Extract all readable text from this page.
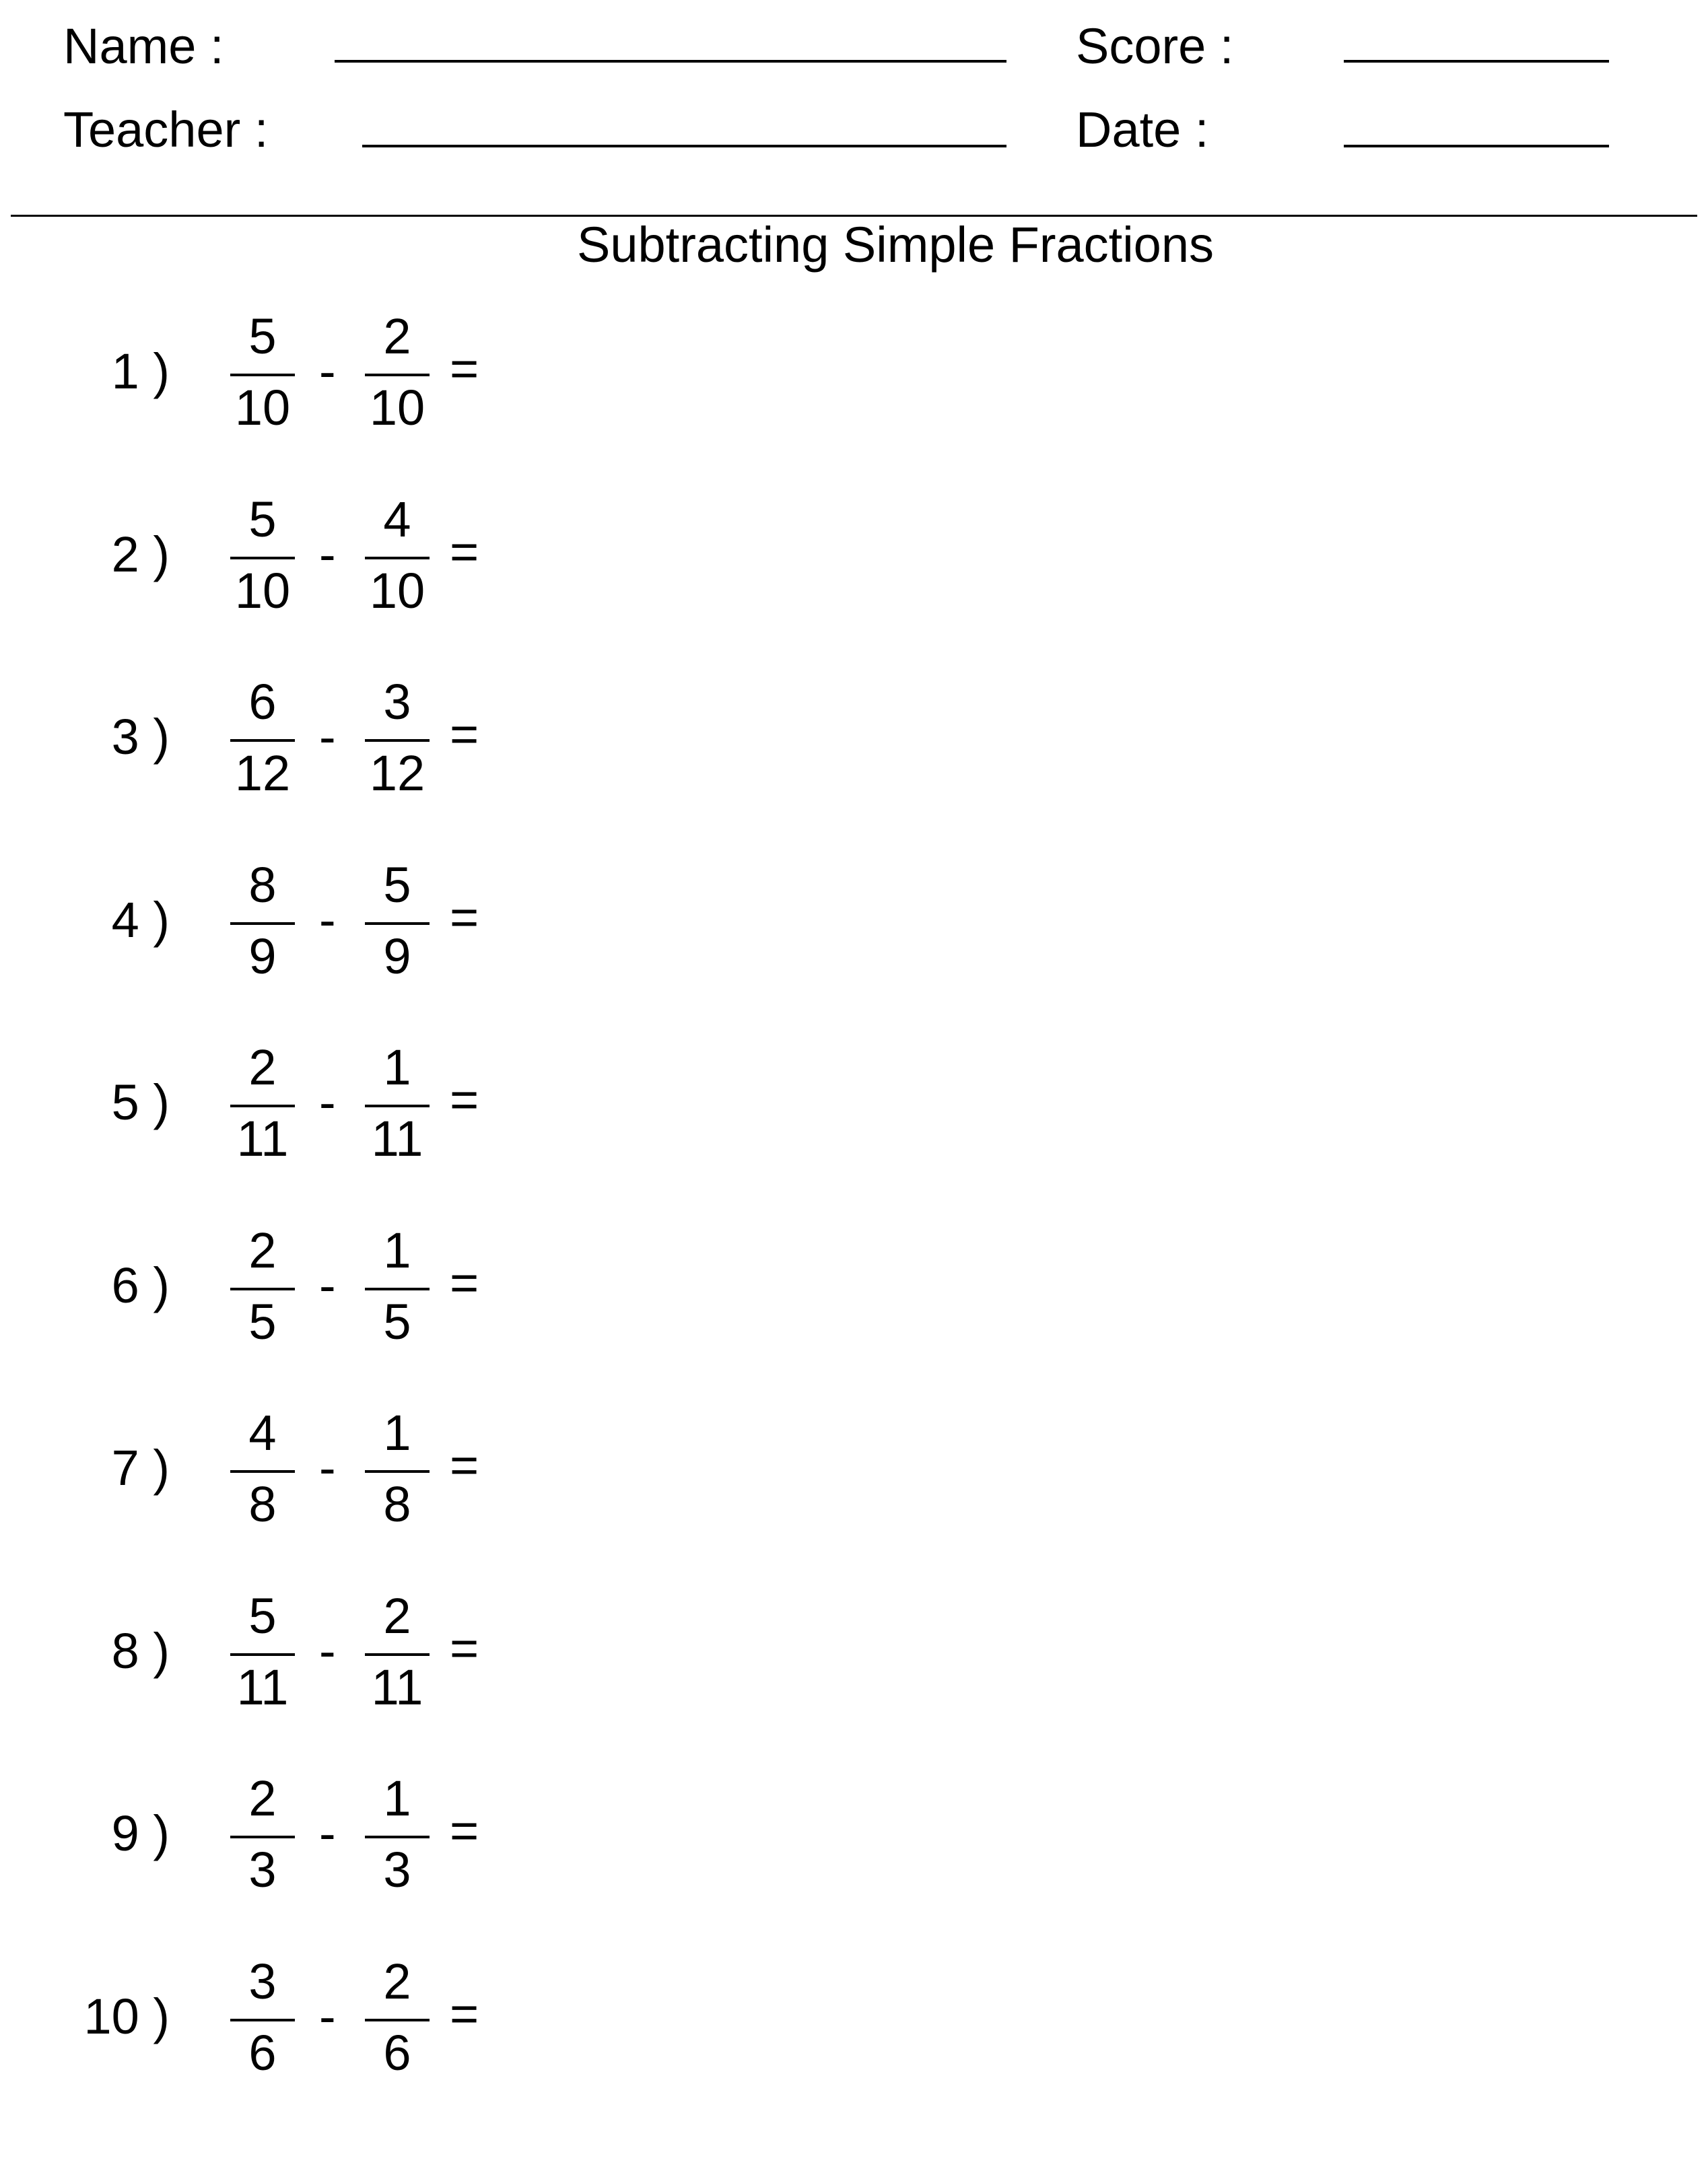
Name :
Teacher :
Score :
Date :
Subtracting Simple Fractions
1 )
5
10
-
2
10
=
2 )
5
10
-
4
10
=
3 )
6
12
-
3
12
=
4 )
8
9
-
5
9
=
5 )
2
11
-
1
11
=
6 )
2
5
-
1
5
=
7 )
4
8
-
1
8
=
8 )
5
11
-
2
11
=
9 )
2
3
-
1
3
=
10 )
3
6
-
2
6
=
